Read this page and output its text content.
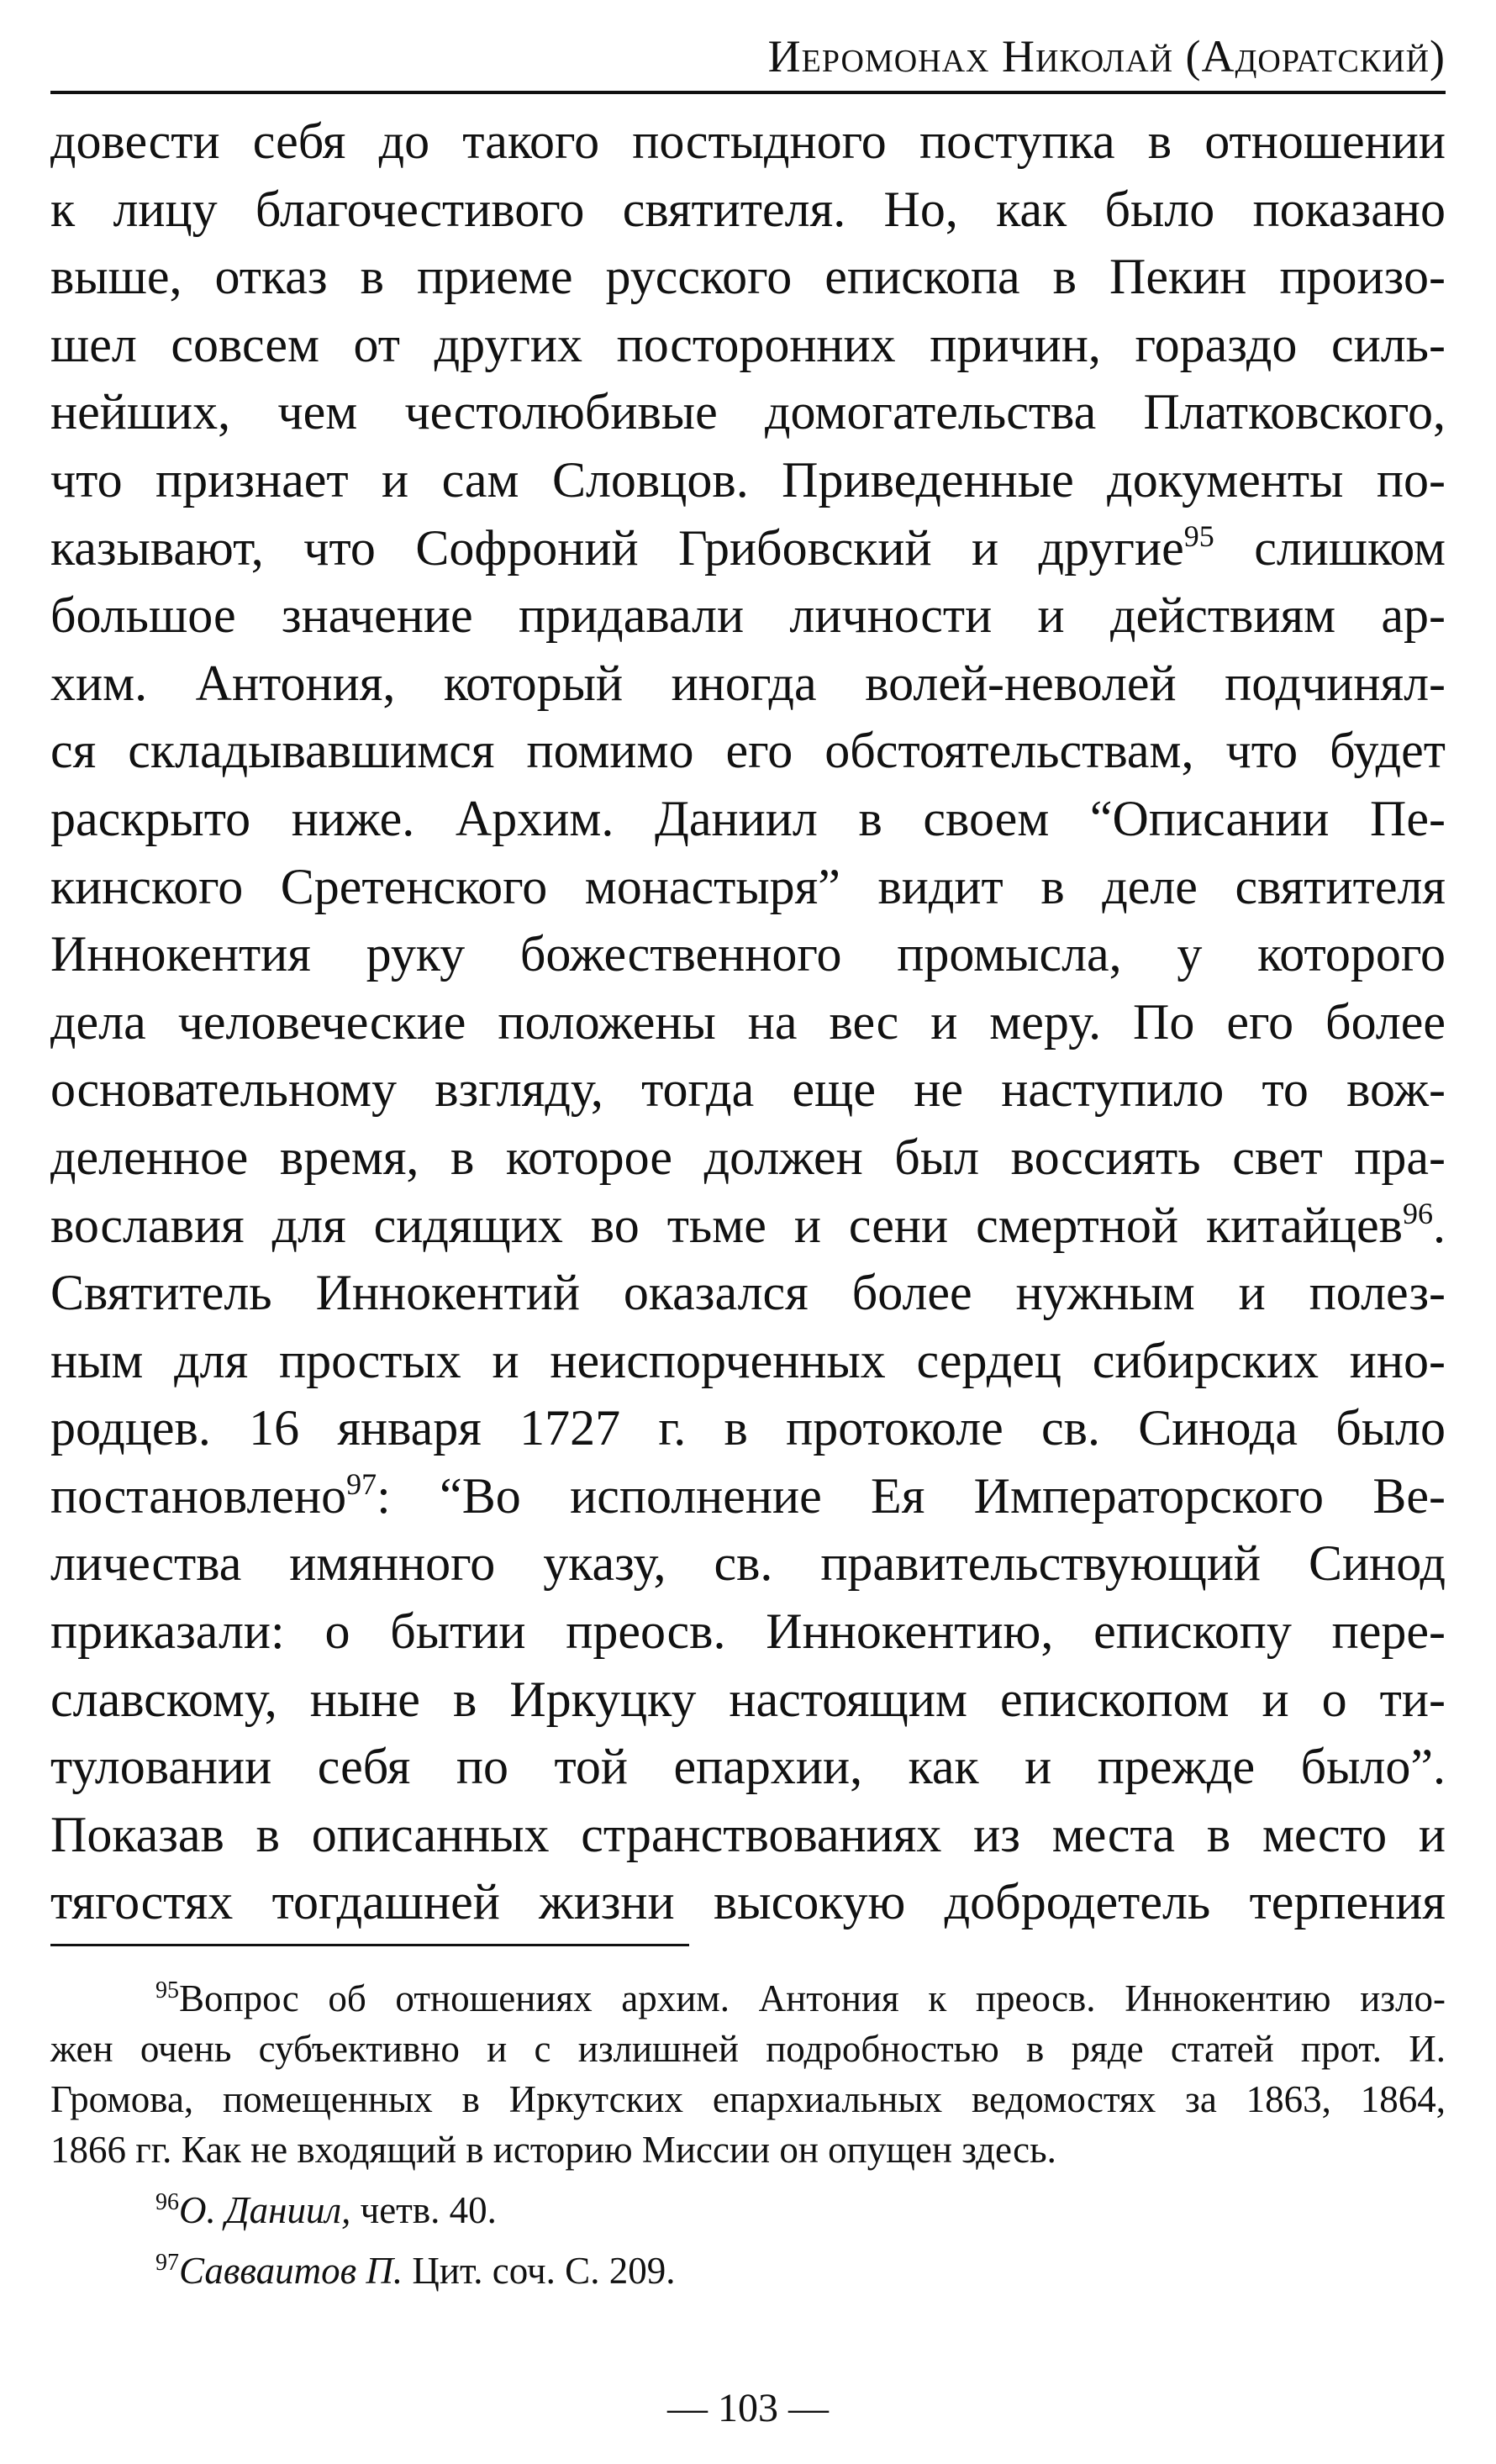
Иеромонах Николай (Адоратский)
довести себя до такого постыдного поступка в отношении
к лицу благочестивого святителя. Но, как было показано
выше, отказ в приеме русского епископа в Пекин произо-
шел совсем от других посторонних причин, гораздо силь-
нейших, чем честолюбивые домогательства Платковского,
что признает и сам Словцов. Приведенные документы по-
казывают, что Софроний Грибовский и другие$^{95}$ слишком
большое значение придавали личности и действиям ар-
хим. Антония, который иногда волей-неволей подчинял-
ся складывавшимся помимо его обстоятельствам, что будет
раскрыто ниже. Архим. Даниил в своем “Описании Пе-
кинского Сретенского монастыря” видит в деле святителя
Иннокентия руку божественного промысла, у которого
дела человеческие положены на вес и меру. По его более
основательному взгляду, тогда еще не наступило то вож-
деленное время, в которое должен был воссиять свет пра-
вославия для сидящих во тьме и сени смертной китайцев$^{96}$.
Святитель Иннокентий оказался более нужным и полез-
ным для простых и неиспорченных сердец сибирских ино-
родцев. 16 января 1727 г. в протоколе св. Синода было
постановлено$^{97}$: “Во исполнение Ея Императорского Ве-
личества имянного указу, св. правительствующий Синод
приказали: о бытии преосв. Иннокентию, епископу пере-
славскому, ныне в Иркуцку настоящим епископом и о ти-
туловании себя по той епархии, как и прежде было”.
Показав в описанных странствованиях из места в место и
тягостях тогдашней жизни высокую добродетель терпения
$^{95}$Вопрос об отношениях архим. Антония к преосв. Иннокентию изло-
жен очень субъективно и с излишней подробностью в ряде статей прот. И.
Громова, помещенных в Иркутских епархиальных ведомостях за 1863, 1864,
1866 гг. Как не входящий в историю Миссии он опущен здесь.
$^{96}$О. Даниил, четв. 40.
$^{97}$Савваитов П. Цит. соч. С. 209.
— 103 —
